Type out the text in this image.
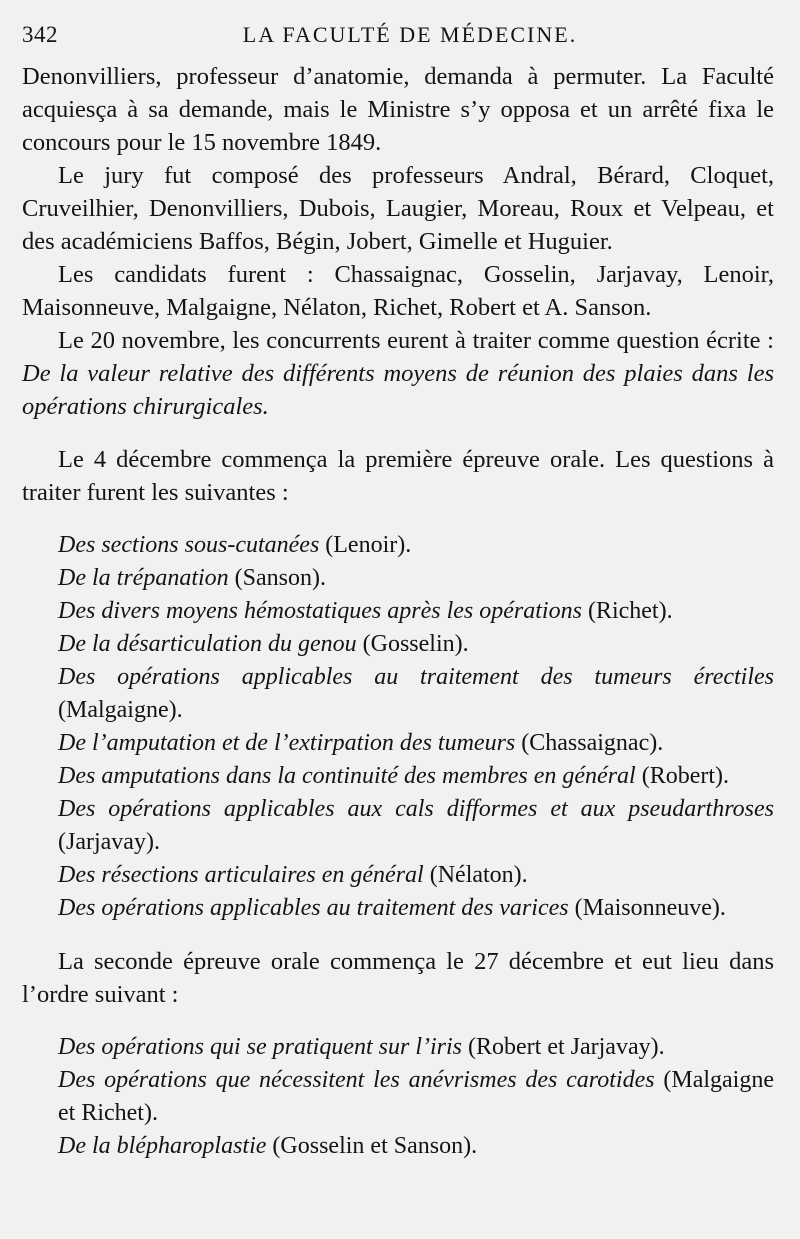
342	LA FACULTÉ DE MÉDECINE.

Denonvilliers, professeur d’anatomie, demanda à permuter. La Faculté acquiesça à sa demande, mais le Ministre s’y opposa et un arrêté fixa le concours pour le 15 novembre 1849.

Le jury fut composé des professeurs Andral, Bérard, Cloquet, Cruveilhier, Denonvilliers, Dubois, Laugier, Moreau, Roux et Velpeau, et des académiciens Baffos, Bégin, Jobert, Gimelle et Huguier.

Les candidats furent : Chassaignac, Gosselin, Jarjavay, Lenoir, Maisonneuve, Malgaigne, Nélaton, Richet, Robert et A. Sanson.

Le 20 novembre, les concurrents eurent à traiter comme question écrite : De la valeur relative des différents moyens de réunion des plaies dans les opérations chirurgicales.

Le 4 décembre commença la première épreuve orale. Les questions à traiter furent les suivantes :

Des sections sous-cutanées (Lenoir).

De la trépanation (Sanson).

Des divers moyens hémostatiques après les opérations (Richet).

De la désarticulation du genou (Gosselin).

Des opérations applicables au traitement des tumeurs érectiles (Malgaigne).

De l’amputation et de l’extirpation des tumeurs (Chassaignac).

Des amputations dans la continuité des membres en général (Robert).

Des opérations applicables aux cals difformes et aux pseudarthroses (Jarjavay).

Des résections articulaires en général (Nélaton).

Des opérations applicables au traitement des varices (Maisonneuve).

La seconde épreuve orale commença le 27 décembre et eut lieu dans l’ordre suivant :

Des opérations qui se pratiquent sur l’iris (Robert et Jarjavay).

Des opérations que nécessitent les anévrismes des carotides (Malgaigne et Richet).

De la blépharoplastie (Gosselin et Sanson).
